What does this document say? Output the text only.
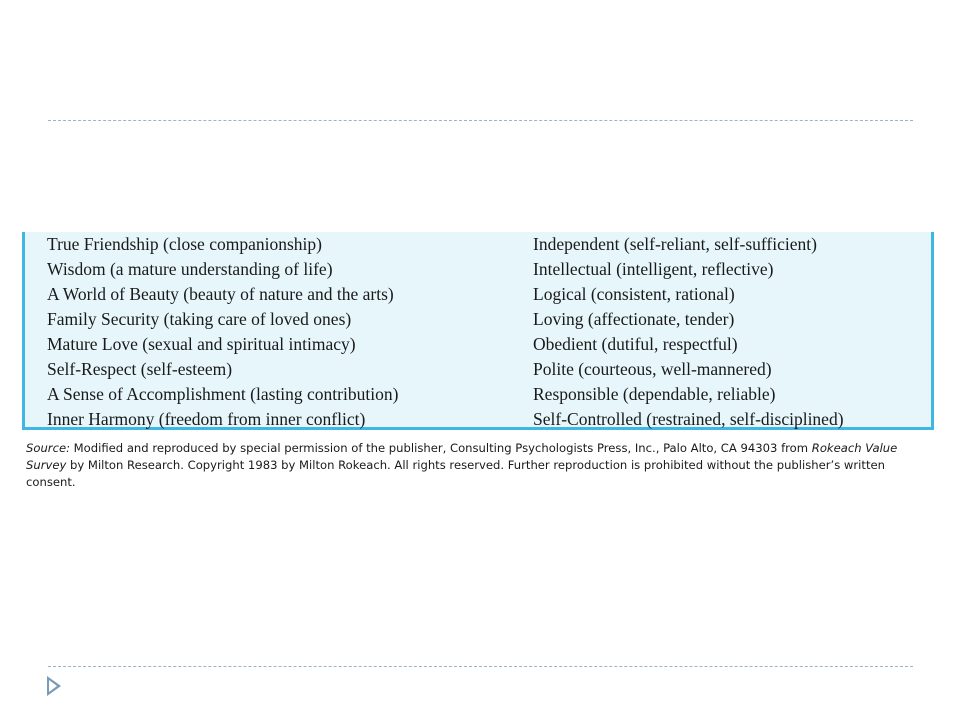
True Friendship (close companionship)	Independent (self-reliant, self-sufficient)
Wisdom (a mature understanding of life)	Intellectual (intelligent, reflective)
A World of Beauty (beauty of nature and the arts)	Logical (consistent, rational)
Family Security (taking care of loved ones)	Loving (affectionate, tender)
Mature Love (sexual and spiritual intimacy)	Obedient (dutiful, respectful)
Self-Respect (self-esteem)	Polite (courteous, well-mannered)
A Sense of Accomplishment (lasting contribution)	Responsible (dependable, reliable)
Inner Harmony (freedom from inner conflict)	Self-Controlled (restrained, self-disciplined)
Source: Modified and reproduced by special permission of the publisher, Consulting Psychologists Press, Inc., Palo Alto, CA 94303 from Rokeach Value Survey by Milton Research. Copyright 1983 by Milton Rokeach. All rights reserved. Further reproduction is prohibited without the publisher’s written consent.
